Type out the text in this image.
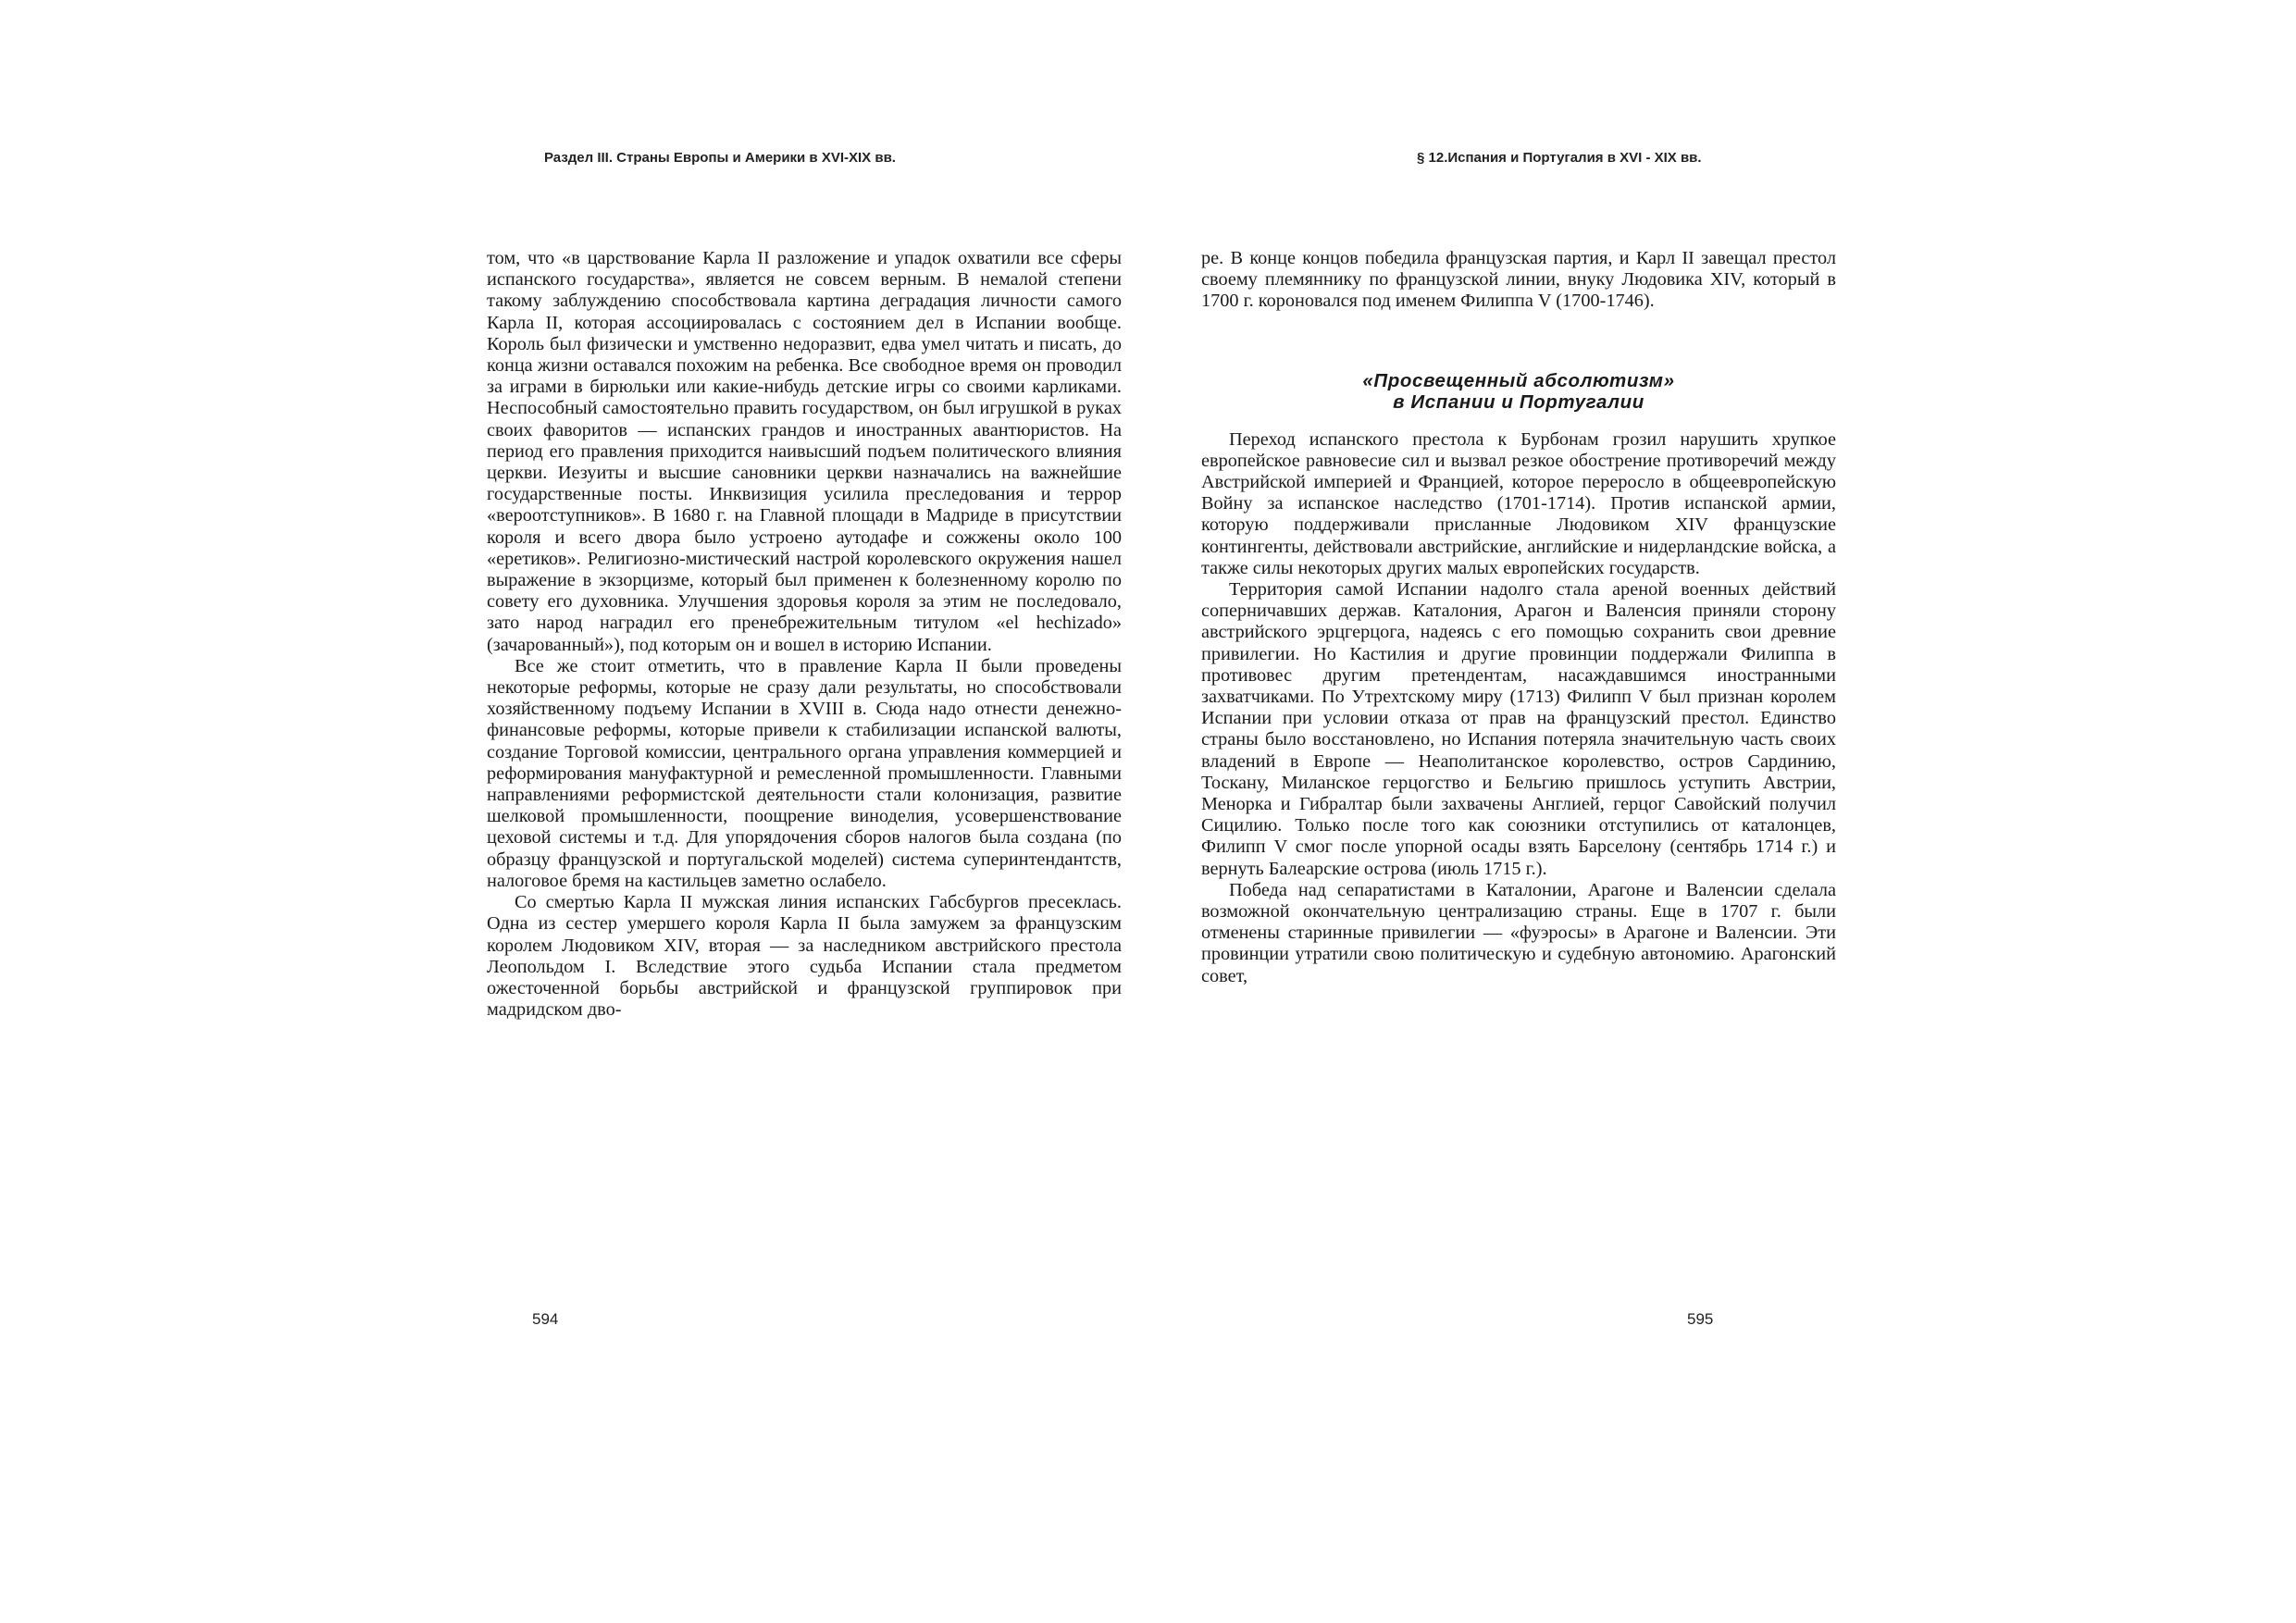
Раздел III. Страны Европы и Америки в XVI-XIX вв.

том, что «в царствование Карла II разложение и упадок охватили все сферы испанского государства», является не совсем верным. В немалой степени такому заблуждению способствовала картина деградация личности самого Карла II, которая ассоциировалась с состоянием дел в Испании вообще. Король был физически и умственно недоразвит, едва умел читать и писать, до конца жизни оставался похожим на ребенка. Все свободное время он проводил за играми в бирюльки или какие-нибудь детские игры со своими карликами. Неспособный самостоятельно править государством, он был игрушкой в руках своих фаворитов — испанских грандов и иностранных авантюристов. На период его правления приходится наивысший подъем политического влияния церкви. Иезуиты и высшие сановники церкви назначались на важнейшие государственные посты. Инквизиция усилила преследования и террор «вероотступников». В 1680 г. на Главной площади в Мадриде в присутствии короля и всего двора было устроено аутодафе и сожжены около 100 «еретиков». Религиозно-мистический настрой королевского окружения нашел выражение в экзорцизме, который был применен к болезненному королю по совету его духовника. Улучшения здоровья короля за этим не последовало, зато народ наградил его пренебрежительным титулом «el hechizado» (зачарованный»), под которым он и вошел в историю Испании.

Все же стоит отметить, что в правление Карла II были проведены некоторые реформы, которые не сразу дали результаты, но способствовали хозяйственному подъему Испании в XVIII в. Сюда надо отнести денежно-финансовые реформы, которые привели к стабилизации испанской валюты, создание Торговой комиссии, центрального органа управления коммерцией и реформирования мануфактурной и ремесленной промышленности. Главными направлениями реформистской деятельности стали колонизация, развитие шелковой промышленности, поощрение виноделия, усовершенствование цеховой системы и т.д. Для упорядочения сборов налогов была создана (по образцу французской и португальской моделей) система суперинтендантств, налоговое бремя на кастильцев заметно ослабело.

Со смертью Карла II мужская линия испанских Габсбургов пресеклась. Одна из сестер умершего короля Карла II была замужем за французским королем Людовиком XIV, вторая — за наследником австрийского престола Леопольдом I. Вследствие этого судьба Испании стала предметом ожесточенной борьбы австрийской и французской группировок при мадридском дво-

594
§ 12.Испания и Португалия в XVI - XIX вв.

ре. В конце концов победила французская партия, и Карл II завещал престол своему племяннику по французской линии, внуку Людовика XIV, который в 1700 г. короновался под именем Филиппа V (1700-1746).

«Просвещенный абсолютизм»
в Испании и Португалии

Переход испанского престола к Бурбонам грозил нарушить хрупкое европейское равновесие сил и вызвал резкое обострение противоречий между Австрийской империей и Францией, которое переросло в общеевропейскую Войну за испанское наследство (1701-1714). Против испанской армии, которую поддерживали присланные Людовиком XIV французские контингенты, действовали австрийские, английские и нидерландские войска, а также силы некоторых других малых европейских государств.

Территория самой Испании надолго стала ареной военных действий соперничавших держав. Каталония, Арагон и Валенсия приняли сторону австрийского эрцгерцога, надеясь с его помощью сохранить свои древние привилегии. Но Кастилия и другие провинции поддержали Филиппа в противовес другим претендентам, насаждавшимся иностранными захватчиками. По Утрехтскому миру (1713) Филипп V был признан королем Испании при условии отказа от прав на французский престол. Единство страны было восстановлено, но Испания потеряла значительную часть своих владений в Европе — Неаполитанское королевство, остров Сардинию, Тоскану, Миланское герцогство и Бельгию пришлось уступить Австрии, Менорка и Гибралтар были захвачены Англией, герцог Савойский получил Сицилию. Только после того как союзники отступились от каталонцев, Филипп V смог после упорной осады взять Барселону (сентябрь 1714 г.) и вернуть Балеарские острова (июль 1715 г.).

Победа над сепаратистами в Каталонии, Арагоне и Валенсии сделала возможной окончательную централизацию страны. Еще в 1707 г. были отменены старинные привилегии — «фуэросы» в Арагоне и Валенсии. Эти провинции утратили свою политическую и судебную автономию. Арагонский совет,

595
